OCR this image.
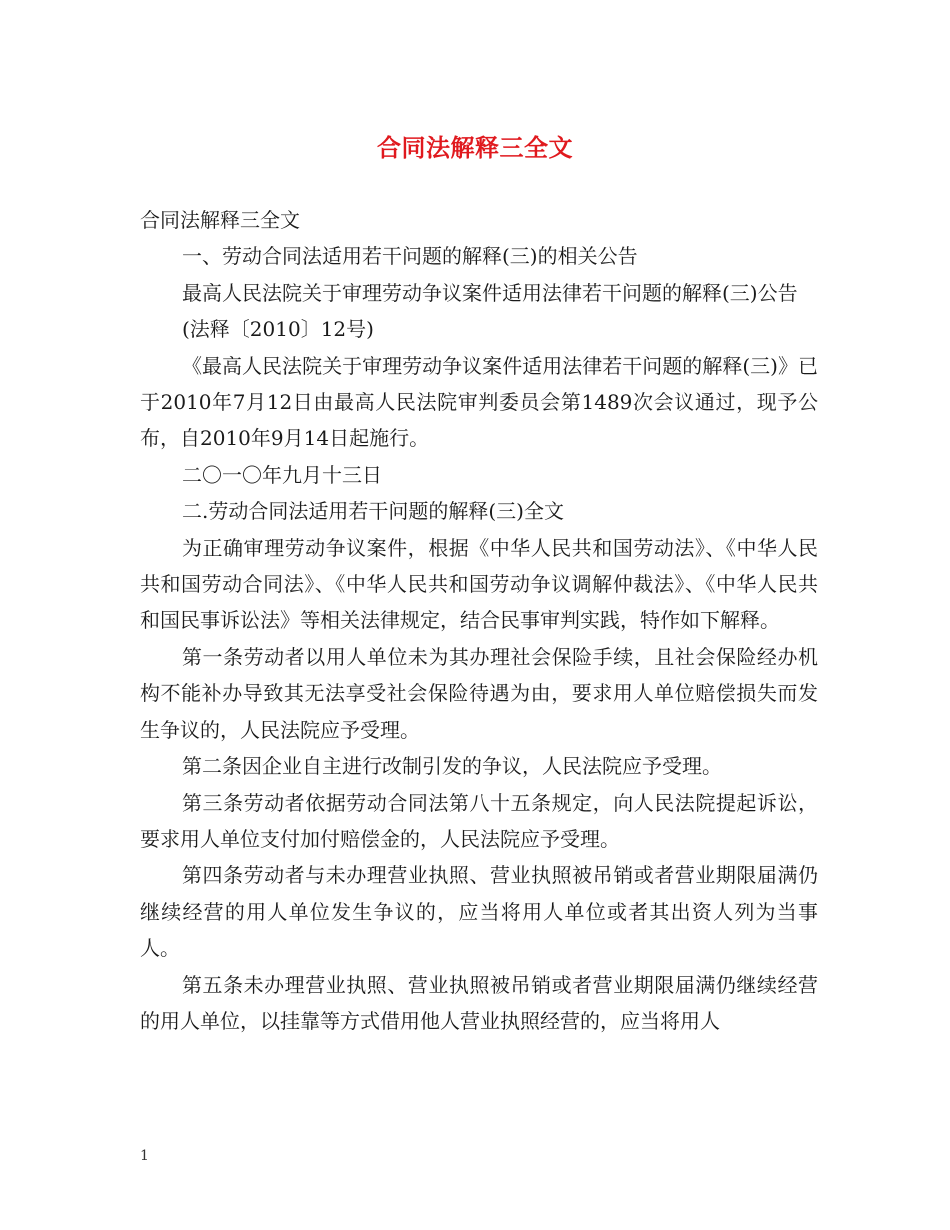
合同法解释三全文

合同法解释三全文

一、劳动合同法适用若干问题的解释(三)的相关公告

最高人民法院关于审理劳动争议案件适用法律若干问题的解释(三)公告

(法释〔2010〕12号)

《最高人民法院关于审理劳动争议案件适用法律若干问题的解释(三)》已于2010年7月12日由最高人民法院审判委员会第1489次会议通过，现予公布，自2010年9月14日起施行。

二〇一〇年九月十三日

二.劳动合同法适用若干问题的解释(三)全文

为正确审理劳动争议案件，根据《中华人民共和国劳动法》、《中华人民共和国劳动合同法》、《中华人民共和国劳动争议调解仲裁法》、《中华人民共和国民事诉讼法》等相关法律规定，结合民事审判实践，特作如下解释。

第一条劳动者以用人单位未为其办理社会保险手续，且社会保险经办机构不能补办导致其无法享受社会保险待遇为由，要求用人单位赔偿损失而发生争议的，人民法院应予受理。

第二条因企业自主进行改制引发的争议，人民法院应予受理。

第三条劳动者依据劳动合同法第八十五条规定，向人民法院提起诉讼，要求用人单位支付加付赔偿金的，人民法院应予受理。

第四条劳动者与未办理营业执照、营业执照被吊销或者营业期限届满仍继续经营的用人单位发生争议的，应当将用人单位或者其出资人列为当事人。

第五条未办理营业执照、营业执照被吊销或者营业期限届满仍继续经营的用人单位，以挂靠等方式借用他人营业执照经营的，应当将用人

1
